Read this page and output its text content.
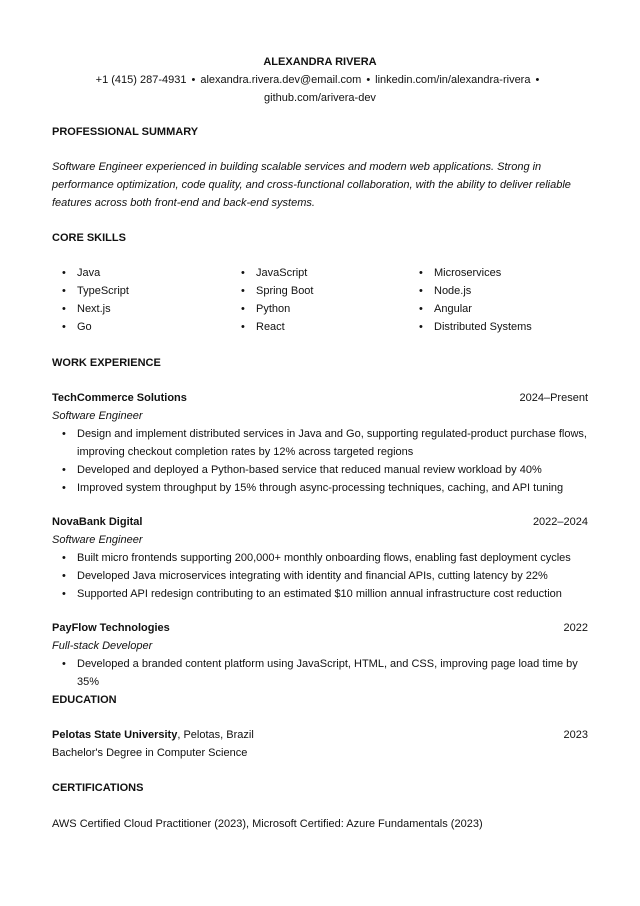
ALEXANDRA RIVERA
+1 (415) 287-4931 • alexandra.rivera.dev@email.com • linkedin.com/in/alexandra-rivera •
github.com/arivera-dev
PROFESSIONAL SUMMARY
Software Engineer experienced in building scalable services and modern web applications. Strong in
performance optimization, code quality, and cross-functional collaboration, with the ability to deliver reliable
features across both front-end and back-end systems.
CORE SKILLS
• Java
• TypeScript
• Next.js
• Go
• JavaScript
• Spring Boot
• Python
• React
• Microservices
• Node.js
• Angular
• Distributed Systems
WORK EXPERIENCE
TechCommerce Solutions	2024–Present
Software Engineer
• Design and implement distributed services in Java and Go, supporting regulated-product purchase flows,
improving checkout completion rates by 12% across targeted regions
• Developed and deployed a Python-based service that reduced manual review workload by 40%
• Improved system throughput by 15% through async-processing techniques, caching, and API tuning
NovaBank Digital	2022–2024
Software Engineer
• Built micro frontends supporting 200,000+ monthly onboarding flows, enabling fast deployment cycles
• Developed Java microservices integrating with identity and financial APIs, cutting latency by 22%
• Supported API redesign contributing to an estimated $10 million annual infrastructure cost reduction
PayFlow Technologies	2022
Full-stack Developer
• Developed a branded content platform using JavaScript, HTML, and CSS, improving page load time by 35%
EDUCATION
Pelotas State University, Pelotas, Brazil	2023
Bachelor's Degree in Computer Science
CERTIFICATIONS
AWS Certified Cloud Practitioner (2023), Microsoft Certified: Azure Fundamentals (2023)
